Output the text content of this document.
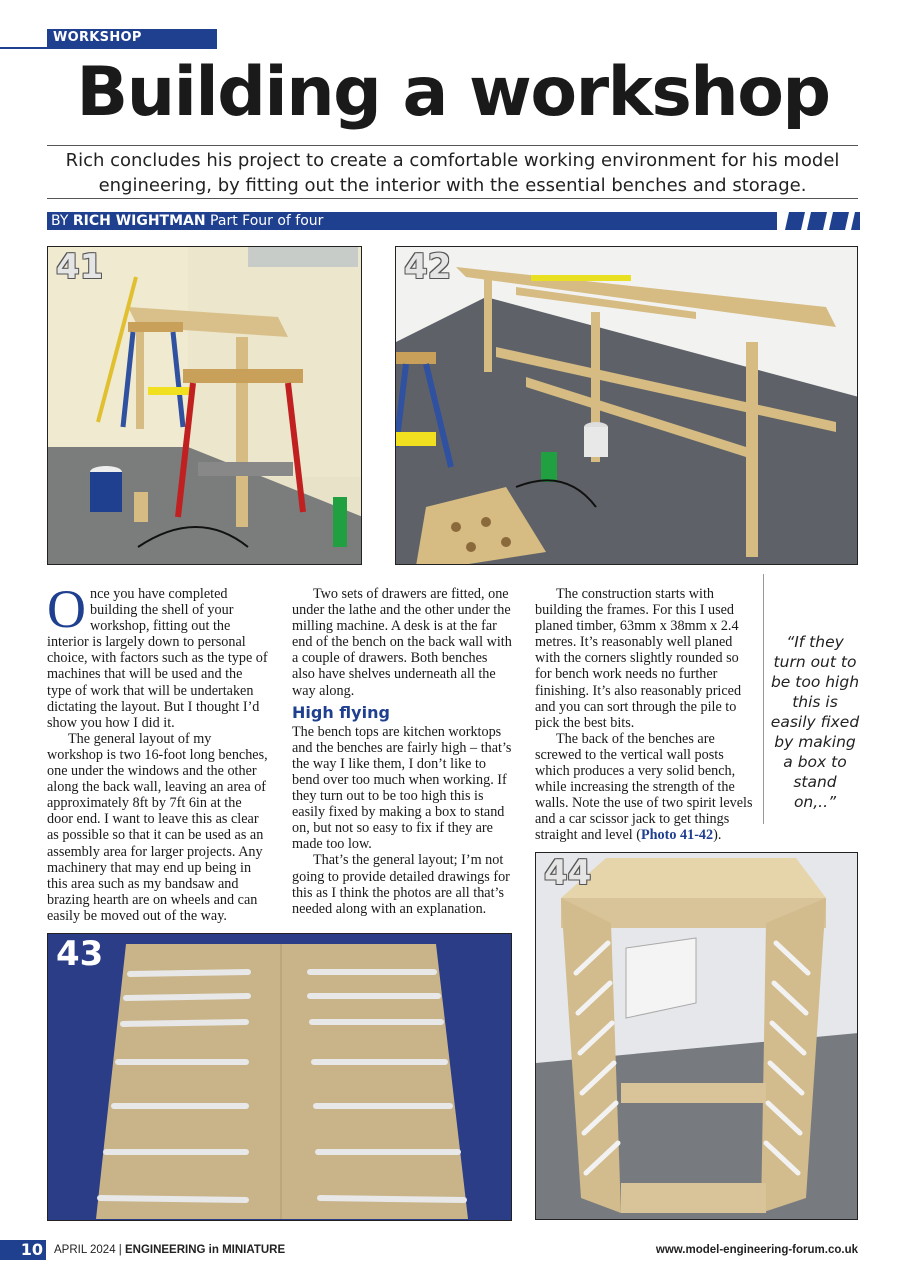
WORKSHOP
Building a workshop

Rich concludes his project to create a comfortable working environment for his model engineering, by fitting out the interior with the essential benches and storage.

BY RICH WIGHTMAN Part Four of four
41	42

Once you have completed building the shell of your workshop, fitting out the interior is largely down to personal choice, with factors such as the type of machines that will be used and the type of work that will be undertaken dictating the layout. But I thought I’d show you how I did it.

The general layout of my workshop is two 16-foot long benches, one under the windows and the other along the back wall, leaving an area of approximately 8ft by 7ft 6in at the door end. I want to leave this as clear as possible so that it can be used as an assembly area for larger projects. Any machinery that may end up being in this area such as my bandsaw and brazing hearth are on wheels and can easily be moved out of the way.

Two sets of drawers are fitted, one under the lathe and the other under the milling machine. A desk is at the far end of the bench on the back wall with a couple of drawers. Both benches also have shelves underneath all the way along.

High flying

The bench tops are kitchen worktops and the benches are fairly high – that’s the way I like them, I don’t like to bend over too much when working. If they turn out to be too high this is easily fixed by making a box to stand on, but not so easy to fix if they are made too low.

That’s the general layout; I’m not going to provide detailed drawings for this as I think the photos are all that’s needed along with an explanation.

The construction starts with building the frames. For this I used planed timber, 63mm x 38mm x 2.4 metres. It’s reasonably well planed with the corners slightly rounded so for bench work needs no further finishing. It’s also reasonably priced and you can sort through the pile to pick the best bits.

The back of the benches are screwed to the vertical wall posts which produces a very solid bench, while increasing the strength of the walls. Note the use of two spirit levels and a car scissor jack to get things straight and level (Photo 41-42).

“If they turn out to be too high this is easily fixed by making a box to stand on,..”

43
44
10 APRIL 2024 | ENGINEERING in MINIATURE	www.model-engineering-forum.co.uk
